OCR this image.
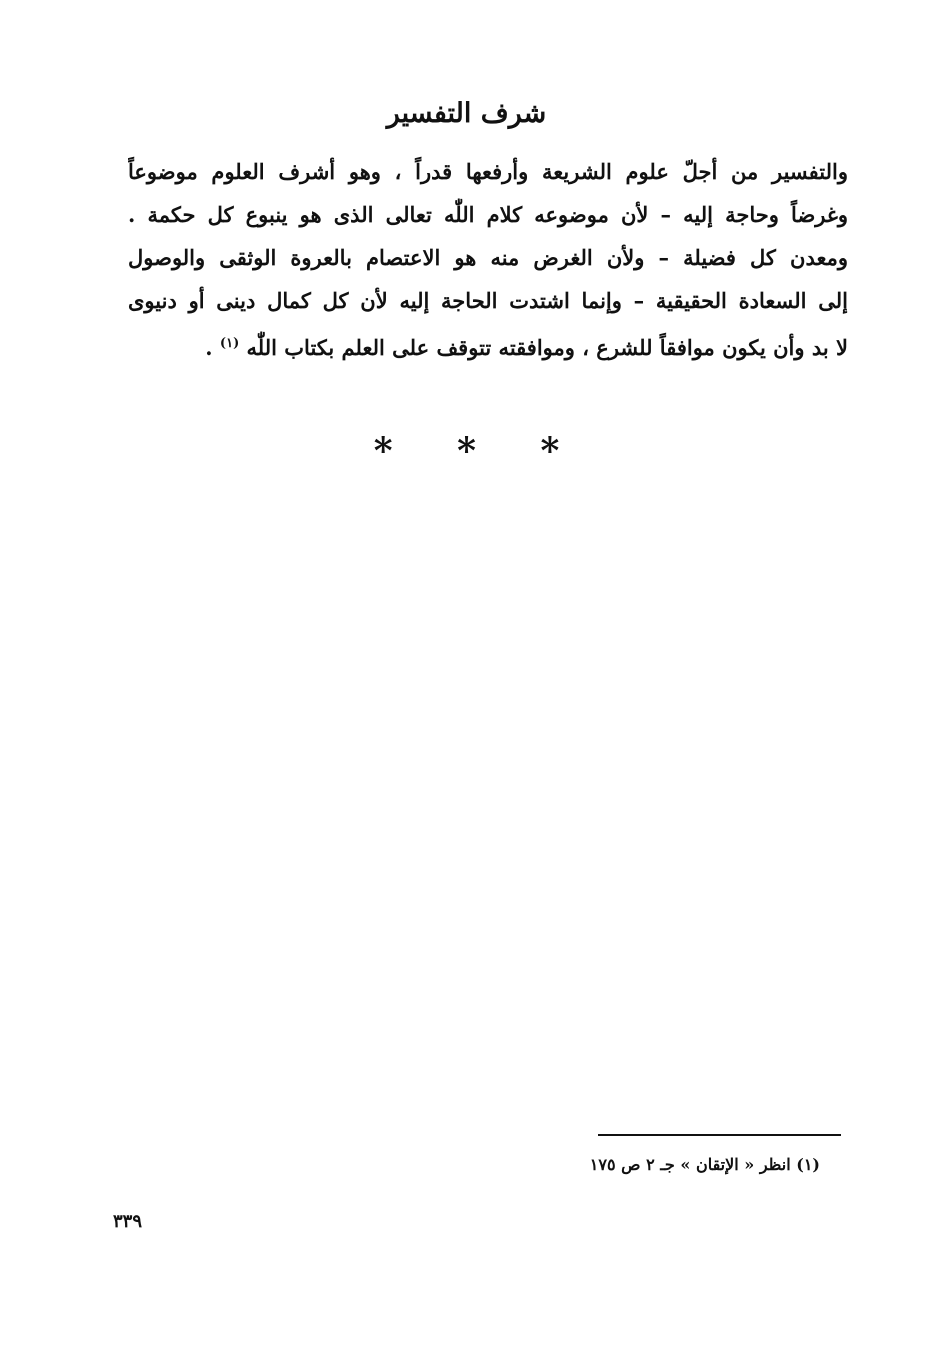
شرف التفسير
والتفسير من أجلّ علوم الشريعة وأرفعها قدراً ، وهو أشرف العلوم موضوعاً
وغرضاً وحاجة إليه – لأن موضوعه كلام اللّٰه تعالى الذى هو ينبوع كل حكمة .
ومعدن كل فضيلة – ولأن الغرض منه هو الاعتصام بالعروة الوثقى والوصول
إلى السعادة الحقيقية – وإنما اشتدت الحاجة إليه لأن كل كمال دينى أو دنيوى
لا بد وأن يكون موافقاً للشرع ، وموافقته تتوقف على العلم بكتاب اللّٰه $^{(١)}$ .
* * *
(١) انظر « الإتقان » جـ ٢ ص ١٧٥
٣٣٩
